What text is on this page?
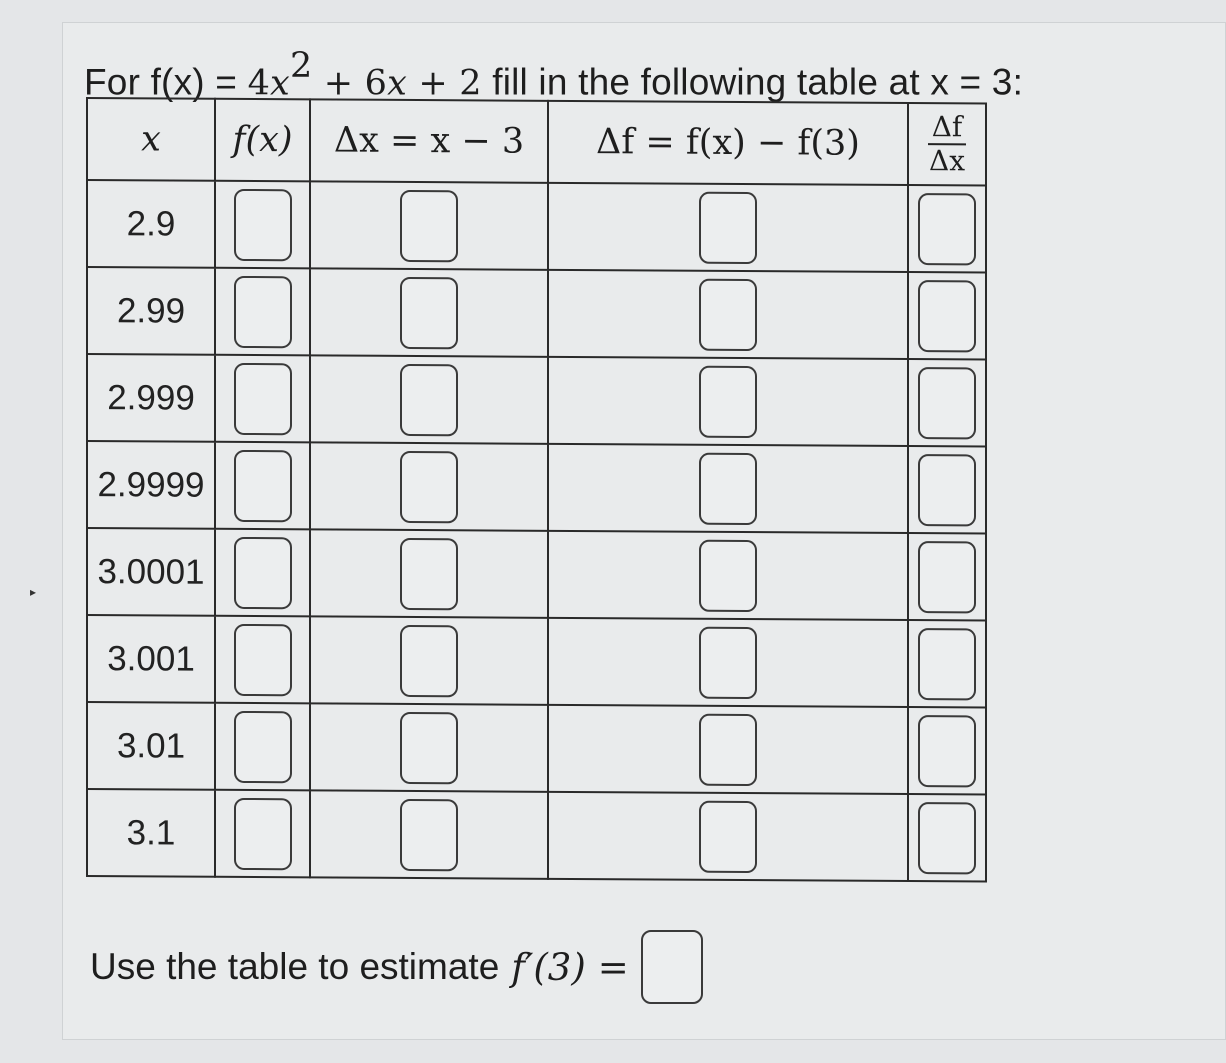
▸
For $f(x) = 4x^2 + 6x + 2$ fill in the following table at x = 3:
x	f(x)	Δx = x − 3	Δf = f(x) − f(3)	$\frac{\Delta f}{\Delta x}$

2.9				
2.99				
2.999				
2.9999				
3.0001				
3.001				
3.01				
3.1				
Use the table to estimate f′(3) =
